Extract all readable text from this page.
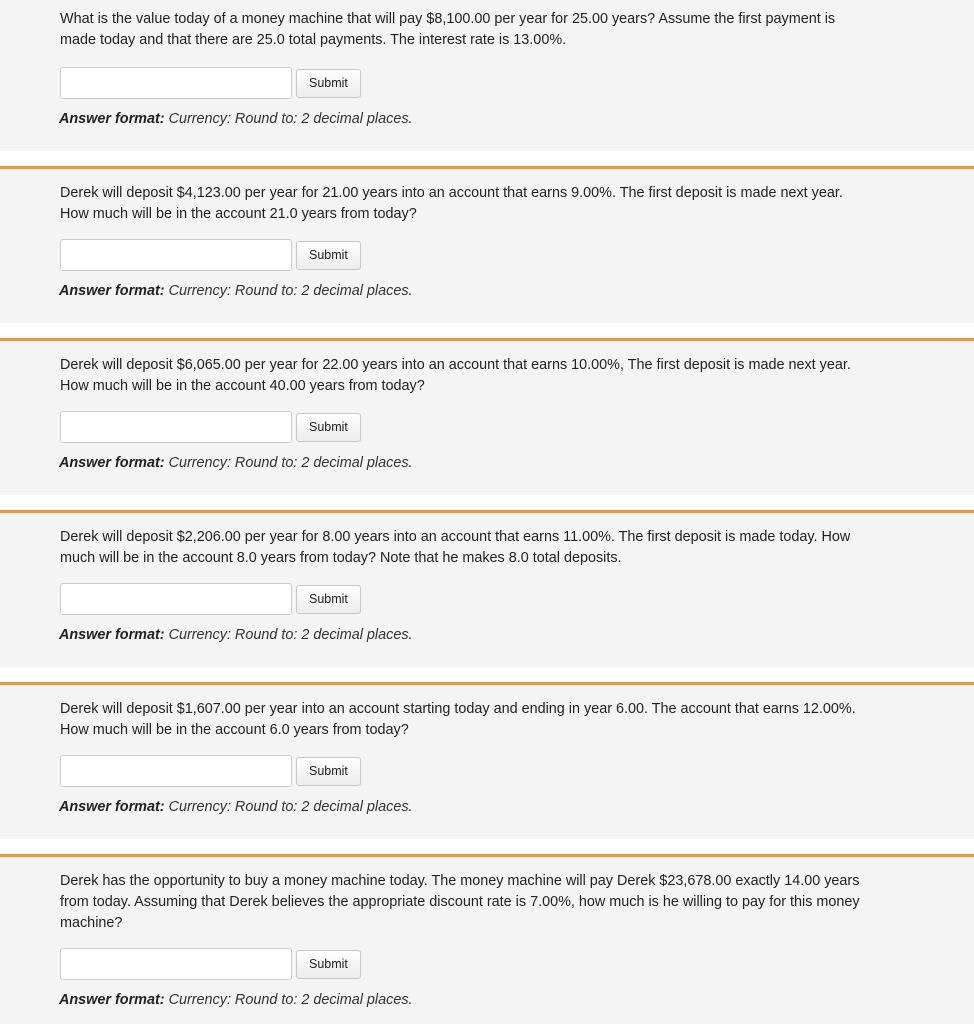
What is the value today of a money machine that will pay $8,100.00 per year for 25.00 years? Assume the first payment is made today and that there are 25.0 total payments. The interest rate is 13.00%.

Submit

Answer format: Currency: Round to: 2 decimal places.

Derek will deposit $4,123.00 per year for 21.00 years into an account that earns 9.00%. The first deposit is made next year. How much will be in the account 21.0 years from today?

Submit

Answer format: Currency: Round to: 2 decimal places.

Derek will deposit $6,065.00 per year for 22.00 years into an account that earns 10.00%, The first deposit is made next year. How much will be in the account 40.00 years from today?

Submit

Answer format: Currency: Round to: 2 decimal places.

Derek will deposit $2,206.00 per year for 8.00 years into an account that earns 11.00%. The first deposit is made today. How much will be in the account 8.0 years from today? Note that he makes 8.0 total deposits.

Submit

Answer format: Currency: Round to: 2 decimal places.

Derek will deposit $1,607.00 per year into an account starting today and ending in year 6.00. The account that earns 12.00%. How much will be in the account 6.0 years from today?

Submit

Answer format: Currency: Round to: 2 decimal places.

Derek has the opportunity to buy a money machine today. The money machine will pay Derek $23,678.00 exactly 14.00 years from today. Assuming that Derek believes the appropriate discount rate is 7.00%, how much is he willing to pay for this money machine?

Submit

Answer format: Currency: Round to: 2 decimal places.
